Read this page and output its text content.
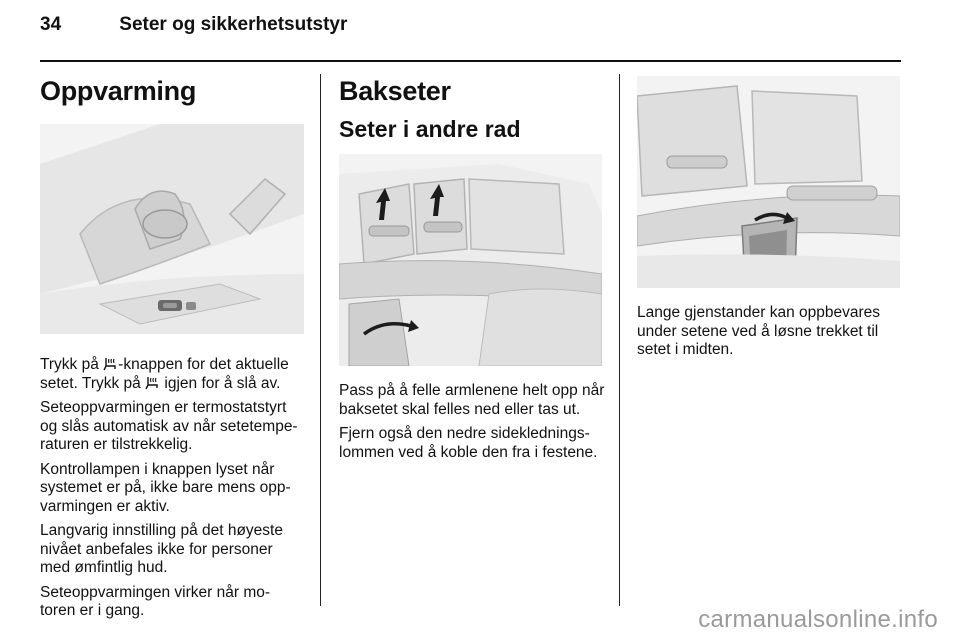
34	Seter og sikkerhetsutstyr
Oppvarming

Trykk på -knappen for det aktuelle setet. Trykk på  igjen for å slå av.

Seteoppvarmingen er termostatstyrt og slås automatisk av når setetempe-raturen er tilstrekkelig.

Kontrollampen i knappen lyset når systemet er på, ikke bare mens opp-varmingen er aktiv.

Langvarig innstilling på det høyeste nivået anbefales ikke for personer med ømfintlig hud.

Seteoppvarmingen virker når mo-toren er i gang.

Bakseter
Seter i andre rad

Pass på å felle armlenene helt opp når baksetet skal felles ned eller tas ut.

Fjern også den nedre sideklednings-lommen ved å koble den fra i festene.

Lange gjenstander kan oppbevares under setene ved å løsne trekket til setet i midten.

carmanualsonline.info
